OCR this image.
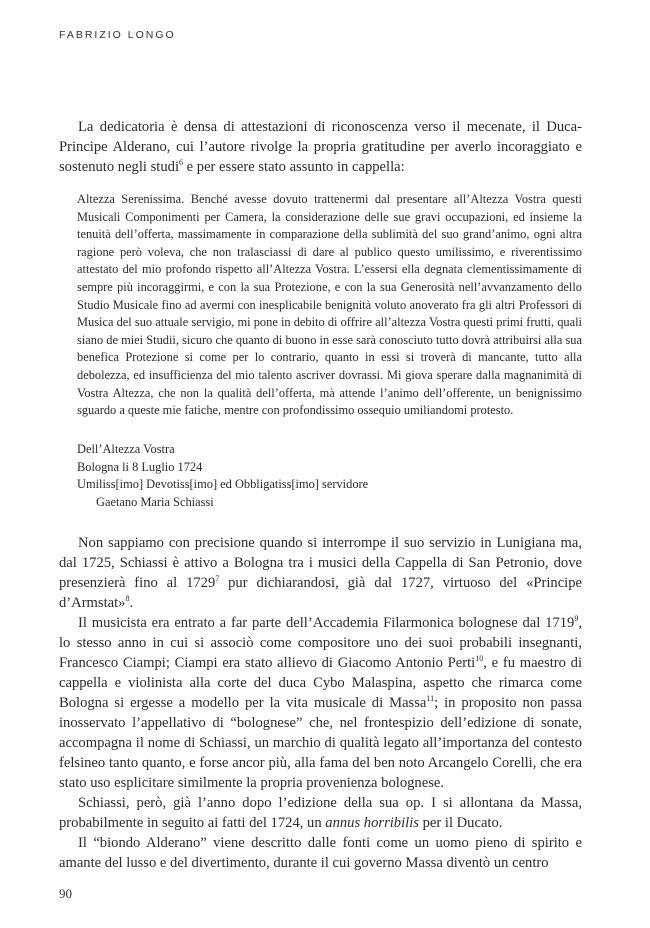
FABRIZIO LONGO

La dedicatoria è densa di attestazioni di riconoscenza verso il mecenate, il Duca-Principe Alderano, cui l’autore rivolge la propria gratitudine per averlo incoraggiato e sostenuto negli studi$^6$ e per essere stato assunto in cappella:

Altezza Serenissima. Benché avesse dovuto trattenermi dal presentare all’Altezza Vostra questi Musicali Componimenti per Camera, la considerazione delle sue gravi occupazioni, ed insieme la tenuità dell’offerta, massimamente in comparazione della sublimità del suo grand’animo, ogni altra ragione però voleva, che non tralasciassi di dare al publico questo umilissimo, e riverentissimo attestato del mio profondo rispetto all’Altezza Vostra. L’essersi ella degnata clementissimamente di sempre più incoraggirmi, e con la sua Protezione, e con la sua Generosità nell’avvanzamento dello Studio Musicale fino ad avermi con inesplicabile benignità voluto anoverato fra gli altri Professori di Musica del suo attuale servigio, mi pone in debito di offrire all’altezza Vostra questi primi frutti, quali siano de miei Studii, sicuro che quanto di buono in esse sarà conosciuto tutto dovrà attribuirsi alla sua benefica Protezione si come per lo contrario, quanto in essi si troverà di mancante, tutto alla debolezza, ed insufficienza del mio talento ascriver dovrassi. Mi giova sperare dalla magnanimità di Vostra Altezza, che non la qualità dell’offerta, mà attende l’animo dell’offerente, un benignissimo sguardo a queste mie fatiche, mentre con profondissimo ossequio umiliandomi protesto.

Dell’Altezza Vostra
Bologna li 8 Luglio 1724
Umiliss[imo] Devotiss[imo] ed Obbligatiss[imo] servidore
Gaetano Maria Schiassi

Non sappiamo con precisione quando si interrompe il suo servizio in Lunigiana ma, dal 1725, Schiassi è attivo a Bologna tra i musici della Cappella di San Petronio, dove presenzierà fino al 1729$^7$ pur dichiarandosi, già dal 1727, virtuoso del «Principe d’Armstat»$^8$.

Il musicista era entrato a far parte dell’Accademia Filarmonica bolognese dal 1719$^9$, lo stesso anno in cui si associò come compositore uno dei suoi probabili insegnanti, Francesco Ciampi; Ciampi era stato allievo di Giacomo Antonio Perti$^{10}$, e fu maestro di cappella e violinista alla corte del duca Cybo Malaspina, aspetto che rimarca come Bologna si ergesse a modello per la vita musicale di Massa$^{11}$; in proposito non passa inosservato l’appellativo di “bolognese” che, nel frontespizio dell’edizione di sonate, accompagna il nome di Schiassi, un marchio di qualità legato all’importanza del contesto felsineo tanto quanto, e forse ancor più, alla fama del ben noto Arcangelo Corelli, che era stato uso esplicitare similmente la propria provenienza bolognese.

Schiassi, però, già l’anno dopo l’edizione della sua op. I si allontana da Massa, probabilmente in seguito ai fatti del 1724, un annus horribilis per il Ducato.

Il “biondo Alderano” viene descritto dalle fonti come un uomo pieno di spirito e amante del lusso e del divertimento, durante il cui governo Massa diventò un centro

90
